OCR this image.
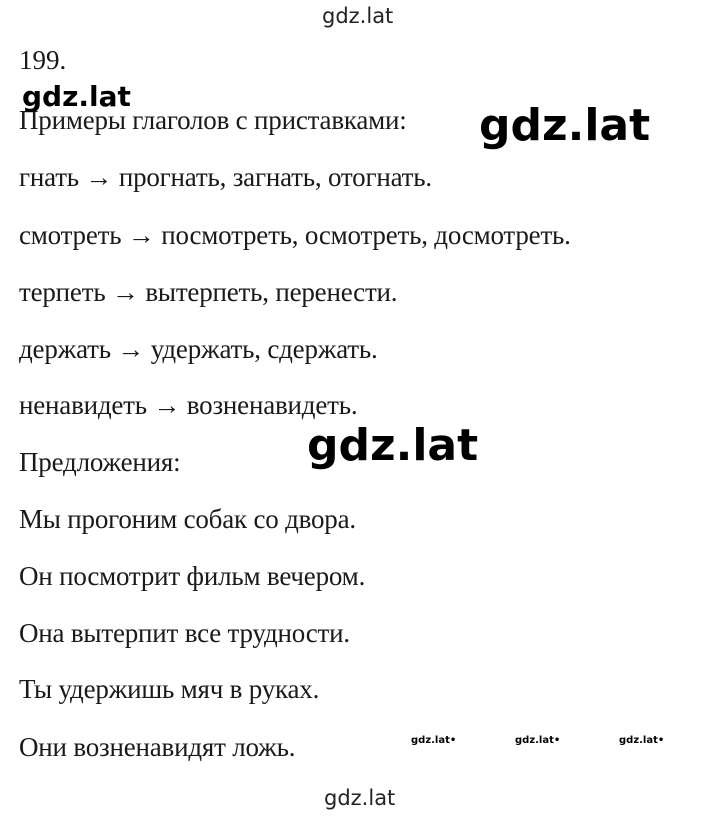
gdz.lat
199.
Примеры глаголов с приставками:
гнать → прогнать, загнать, отогнать.
смотреть → посмотреть, осмотреть, досмотреть.
терпеть → вытерпеть, перенести.
держать → удержать, сдержать.
ненавидеть → возненавидеть.
Предложения:
Мы прогоним собак со двора.
Он посмотрит фильм вечером.
Она вытерпит все трудности.
Ты удержишь мяч в руках.
Они возненавидят ложь.
gdz.lat
gdz.lat
gdz.lat
gdz.lat•	gdz.lat•	gdz.lat•
gdz.lat
